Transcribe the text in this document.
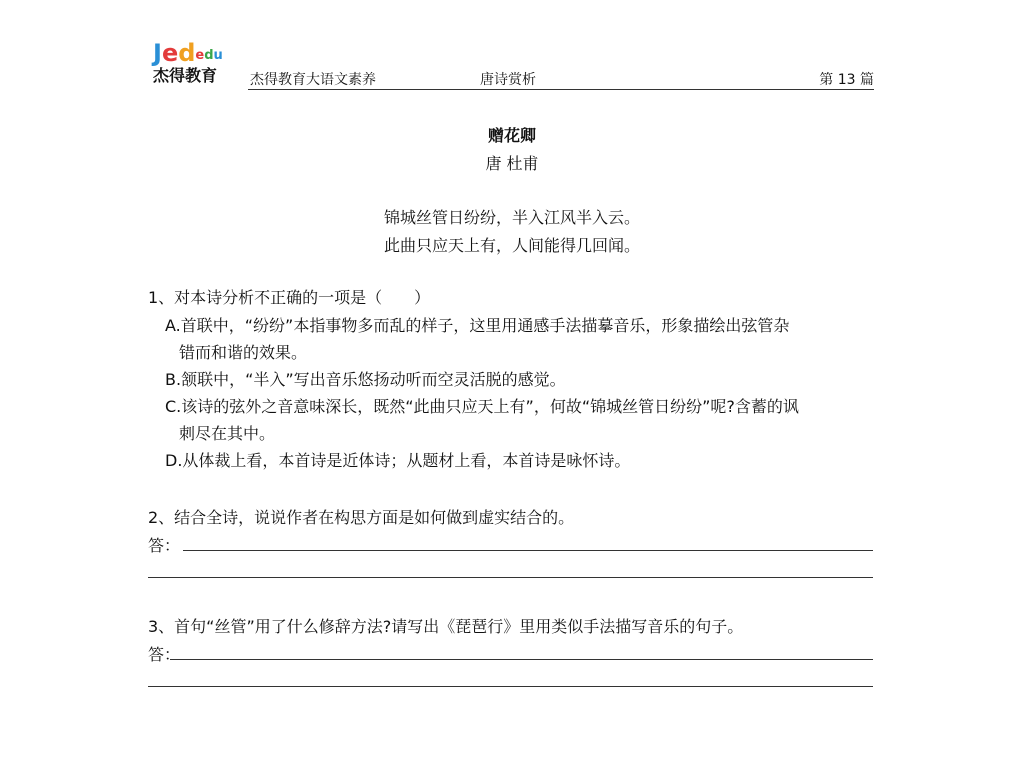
Jededu
杰得教育	杰得教育大语文素养	唐诗赏析	第 13 篇
赠花卿
唐 杜甫
锦城丝管日纷纷，半入江风半入云。
此曲只应天上有，人间能得几回闻。
1、对本诗分析不正确的一项是（　　）
A.首联中，“纷纷”本指事物多而乱的样子，这里用通感手法描摹音乐，形象描绘出弦管杂
错而和谐的效果。
B.颔联中，“半入”写出音乐悠扬动听而空灵活脱的感觉。
C.该诗的弦外之音意味深长，既然“此曲只应天上有”，何故“锦城丝管日纷纷”呢?含蓄的讽
刺尽在其中。
D.从体裁上看，本首诗是近体诗；从题材上看，本首诗是咏怀诗。
2、结合全诗，说说作者在构思方面是如何做到虚实结合的。
答：
3、首句“丝管”用了什么修辞方法?请写出《琵琶行》里用类似手法描写音乐的句子。
答：
